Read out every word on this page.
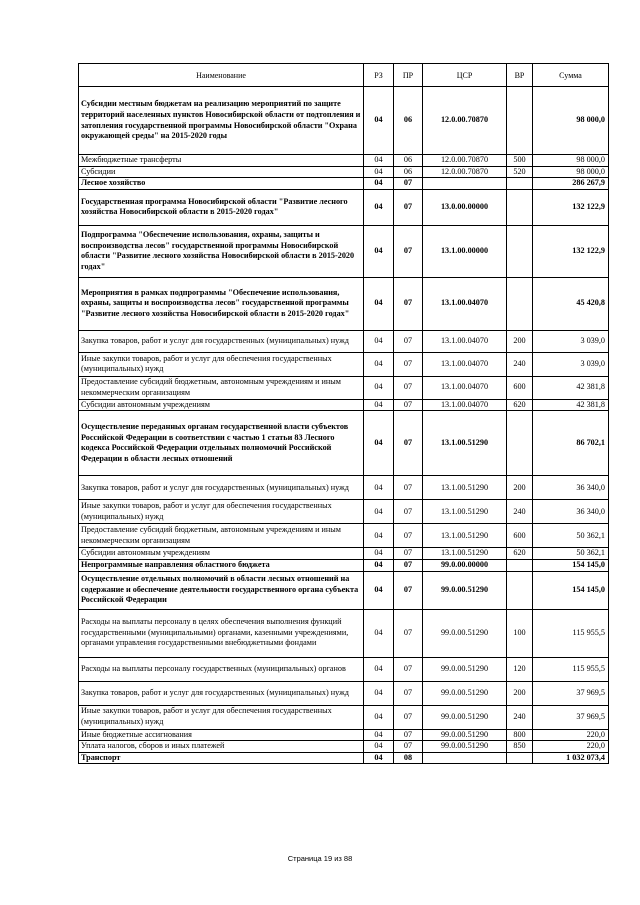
Наименование	РЗ	ПР	ЦСР	ВР	Сумма
Субсидии местным бюджетам на реализацию мероприятий по защите территорий населенных пунктов Новосибирской области от подтопления и затопления государственной программы Новосибирской области "Охрана окружающей среды" на 2015-2020 годы	04	06	12.0.00.70870		98 000,0
Межбюджетные трансферты	04	06	12.0.00.70870	500	98 000,0
Субсидии	04	06	12.0.00.70870	520	98 000,0
Лесное хозяйство	04	07			286 267,9
Государственная программа Новосибирской области "Развитие лесного хозяйства Новосибирской области в 2015-2020 годах"	04	07	13.0.00.00000		132 122,9
Подпрограмма "Обеспечение использования, охраны, защиты и воспроизводства лесов" государственной программы Новосибирской области "Развитие лесного хозяйства Новосибирской области в 2015-2020 годах"	04	07	13.1.00.00000		132 122,9
Мероприятия в рамках подпрограммы "Обеспечение использования, охраны, защиты и воспроизводства лесов" государственной программы "Развитие лесного хозяйства Новосибирской области в 2015-2020 годах"	04	07	13.1.00.04070		45 420,8
Закупка товаров, работ и услуг для государственных (муниципальных) нужд	04	07	13.1.00.04070	200	3 039,0
Иные закупки товаров, работ и услуг для обеспечения государственных (муниципальных) нужд	04	07	13.1.00.04070	240	3 039,0
Предоставление субсидий бюджетным, автономным учреждениям и иным некоммерческим организациям	04	07	13.1.00.04070	600	42 381,8
Субсидии автономным учреждениям	04	07	13.1.00.04070	620	42 381,8
Осуществление переданных органам государственной власти субъектов Российской Федерации в соответствии с частью 1 статьи 83 Лесного кодекса Российской Федерации отдельных полномочий Российской Федерации в области лесных отношений	04	07	13.1.00.51290		86 702,1
Закупка товаров, работ и услуг для государственных (муниципальных) нужд	04	07	13.1.00.51290	200	36 340,0
Иные закупки товаров, работ и услуг для обеспечения государственных (муниципальных) нужд	04	07	13.1.00.51290	240	36 340,0
Предоставление субсидий бюджетным, автономным учреждениям и иным некоммерческим организациям	04	07	13.1.00.51290	600	50 362,1
Субсидии автономным учреждениям	04	07	13.1.00.51290	620	50 362,1
Непрограммные направления областного бюджета	04	07	99.0.00.00000		154 145,0
Осуществление отдельных полномочий в области лесных отношений на содержание и обеспечение деятельности государственного органа субъекта Российской Федерации	04	07	99.0.00.51290		154 145,0
Расходы на выплаты персоналу в целях обеспечения выполнения функций государственными (муниципальными) органами, казенными учреждениями, органами управления государственными внебюджетными фондами	04	07	99.0.00.51290	100	115 955,5
Расходы на выплаты персоналу государственных (муниципальных) органов	04	07	99.0.00.51290	120	115 955,5
Закупка товаров, работ и услуг для государственных (муниципальных) нужд	04	07	99.0.00.51290	200	37 969,5
Иные закупки товаров, работ и услуг для обеспечения государственных (муниципальных) нужд	04	07	99.0.00.51290	240	37 969,5
Иные бюджетные ассигнования	04	07	99.0.00.51290	800	220,0
Уплата налогов, сборов и иных платежей	04	07	99.0.00.51290	850	220,0
Транспорт	04	08			1 032 073,4
Страница 19 из 88
